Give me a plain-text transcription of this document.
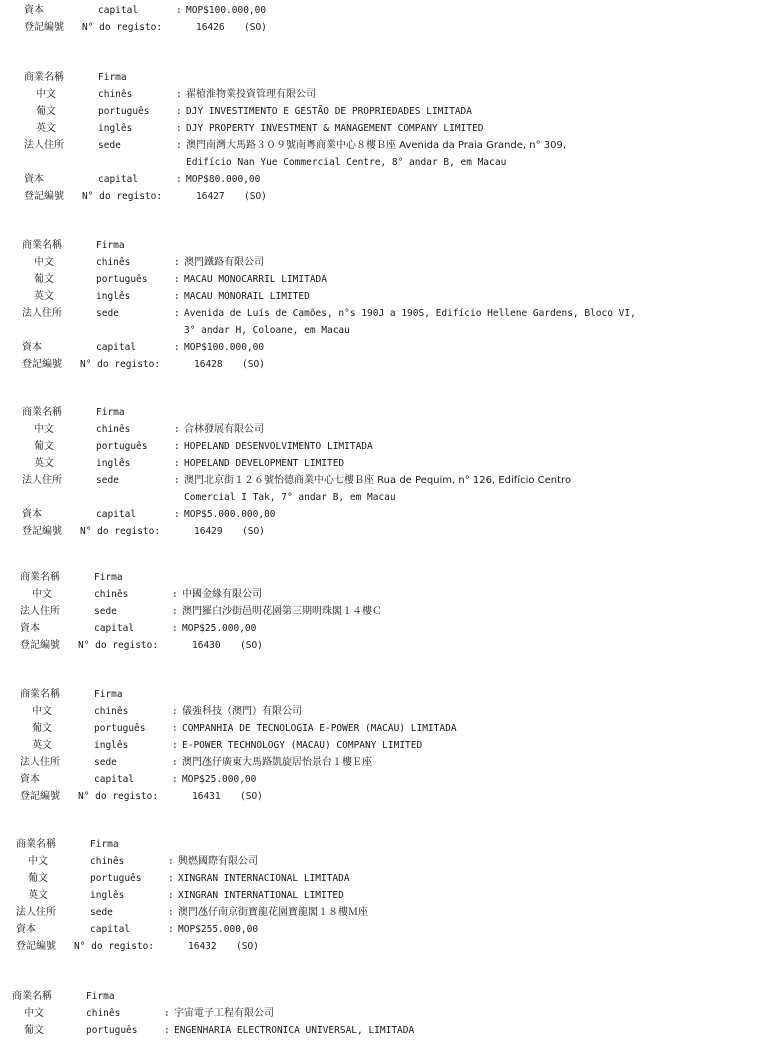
資本	capital	: MOP$100.000,00
登記編號 N° do registo:	16426 (SO)
商業名稱	Firma
中文	chinês	: 翟植淮物業投資管理有限公司
葡文	português	: DJY INVESTIMENTO E GESTÃO DE PROPRIEDADES LIMITADA
英文	inglês	: DJY PROPERTY INVESTMENT & MANAGEMENT COMPANY LIMITED
法人住所	sede	: 澳門南灣大馬路３０９號南粵商業中心８樓Ｂ座 Avenida da Praia Grande, n° 309,
Edifício Nan Yue Commercial Centre, 8° andar B, em Macau
資本	capital	: MOP$80.000,00
登記編號 N° do registo:	16427 (SO)
商業名稱	Firma
中文	chinês	: 澳門鐵路有限公司
葡文	português	: MACAU MONOCARRIL LIMITADA
英文	inglês	: MACAU MONORAIL LIMITED
法人住所	sede	: Avenida de Luís de Camões, n°s 190J a 190S, Edifício Hellene Gardens, Bloco VI,
3° andar H, Coloane, em Macau
資本	capital	: MOP$100.000,00
登記編號 N° do registo:	16428 (SO)
商業名稱	Firma
中文	chinês	: 合林發展有限公司
葡文	português	: HOPELAND DESENVOLVIMENTO LIMITADA
英文	inglês	: HOPELAND DEVELOPMENT LIMITED
法人住所	sede	: 澳門北京街１２６號怡德商業中心七樓Ｂ座 Rua de Pequim, n° 126, Edifício Centro
Comercial I Tak, 7° andar B, em Macau
資本	capital	: MOP$5.000.000,00
登記編號 N° do registo:	16429 (SO)
商業名稱	Firma
中文	chinês	: 中國金緣有限公司
法人住所	sede	: 澳門羅白沙街邑明花園第三期明珠閣１４樓Ｃ
資本	capital	: MOP$25.000,00
登記編號 N° do registo:	16430 (SO)
商業名稱	Firma
中文	chinês	: 儀強科技（澳門）有限公司
葡文	português	: COMPANHIA DE TECNOLOGIA E-POWER (MACAU) LIMITADA
英文	inglês	: E-POWER TECHNOLOGY (MACAU) COMPANY LIMITED
法人住所	sede	: 澳門氹仔廣東大馬路凱旋居怡景台１樓Ｅ座
資本	capital	: MOP$25.000,00
登記編號 N° do registo:	16431 (SO)
商業名稱	Firma
中文	chinês	: 興燃國際有限公司
葡文	português	: XINGRAN INTERNACIONAL LIMITADA
英文	inglês	: XINGRAN INTERNATIONAL LIMITED
法人住所	sede	: 澳門氹仔南京街寶龍花園寶龍閣１８樓Ｍ座
資本	capital	: MOP$255.000,00
登記編號 N° do registo:	16432 (SO)
商業名稱	Firma
中文	chinês	: 宇宙電子工程有限公司
葡文	português	: ENGENHARIA ELECTRONICA UNIVERSAL, LIMITADA
